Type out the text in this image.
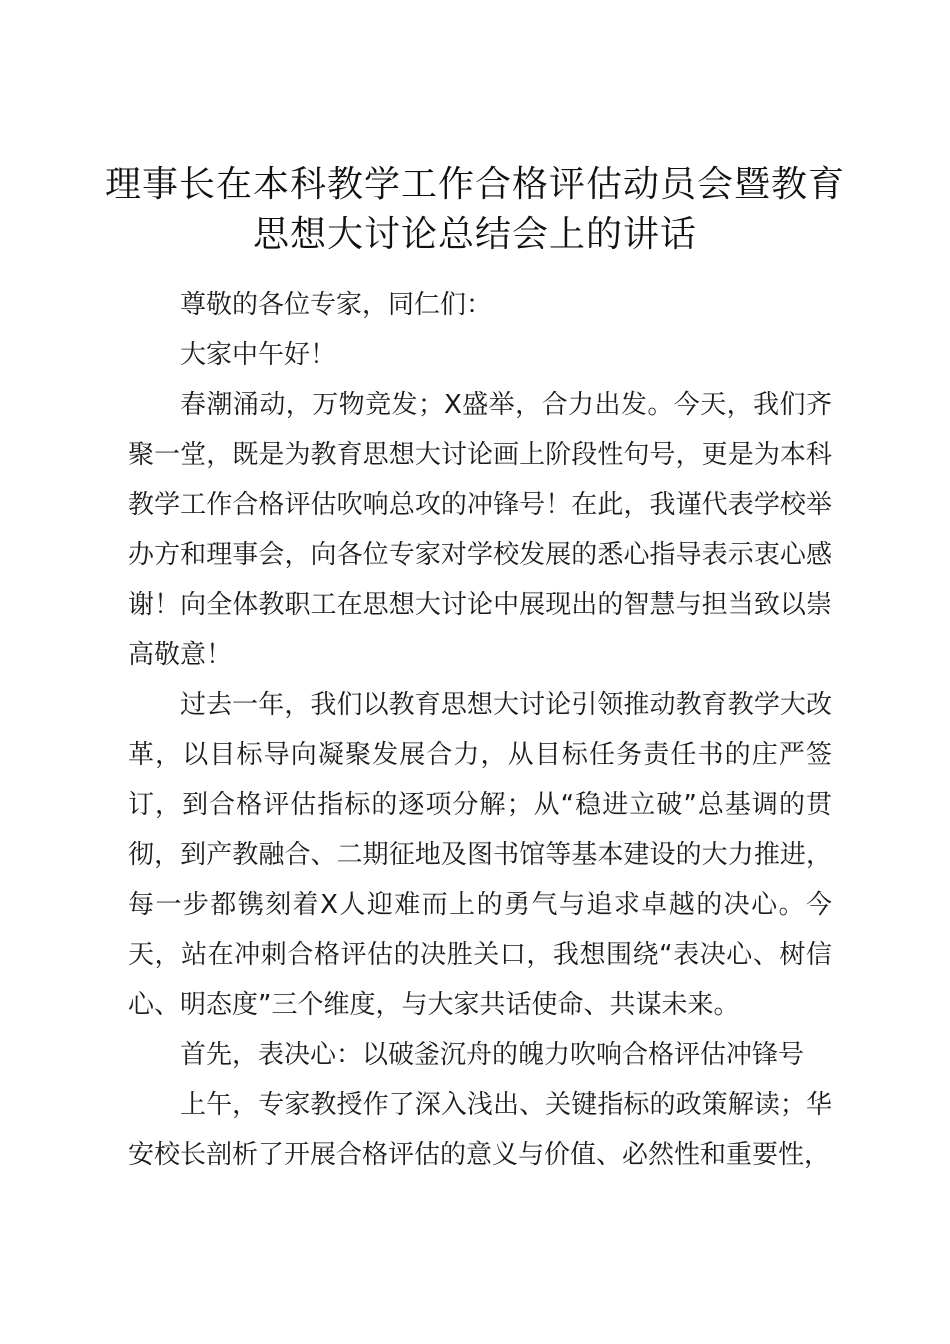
理事长在本科教学工作合格评估动员会暨教育
思想大讨论总结会上的讲话

尊敬的各位专家，同仁们：

大家中午好！

春潮涌动，万物竞发；X盛举，合力出发。今天，我们齐聚一堂，既是为教育思想大讨论画上阶段性句号，更是为本科教学工作合格评估吹响总攻的冲锋号！在此，我谨代表学校举办方和理事会，向各位专家对学校发展的悉心指导表示衷心感谢！向全体教职工在思想大讨论中展现出的智慧与担当致以崇高敬意！

过去一年，我们以教育思想大讨论引领推动教育教学大改革，以目标导向凝聚发展合力，从目标任务责任书的庄严签订，到合格评估指标的逐项分解；从“稳进立破”总基调的贯彻，到产教融合、二期征地及图书馆等基本建设的大力推进，每一步都镌刻着X人迎难而上的勇气与追求卓越的决心。今天，站在冲刺合格评估的决胜关口，我想围绕“表决心、树信心、明态度”三个维度，与大家共话使命、共谋未来。

首先，表决心：以破釜沉舟的魄力吹响合格评估冲锋号

上午，专家教授作了深入浅出、关键指标的政策解读；华安校长剖析了开展合格评估的意义与价值、必然性和重要性，
